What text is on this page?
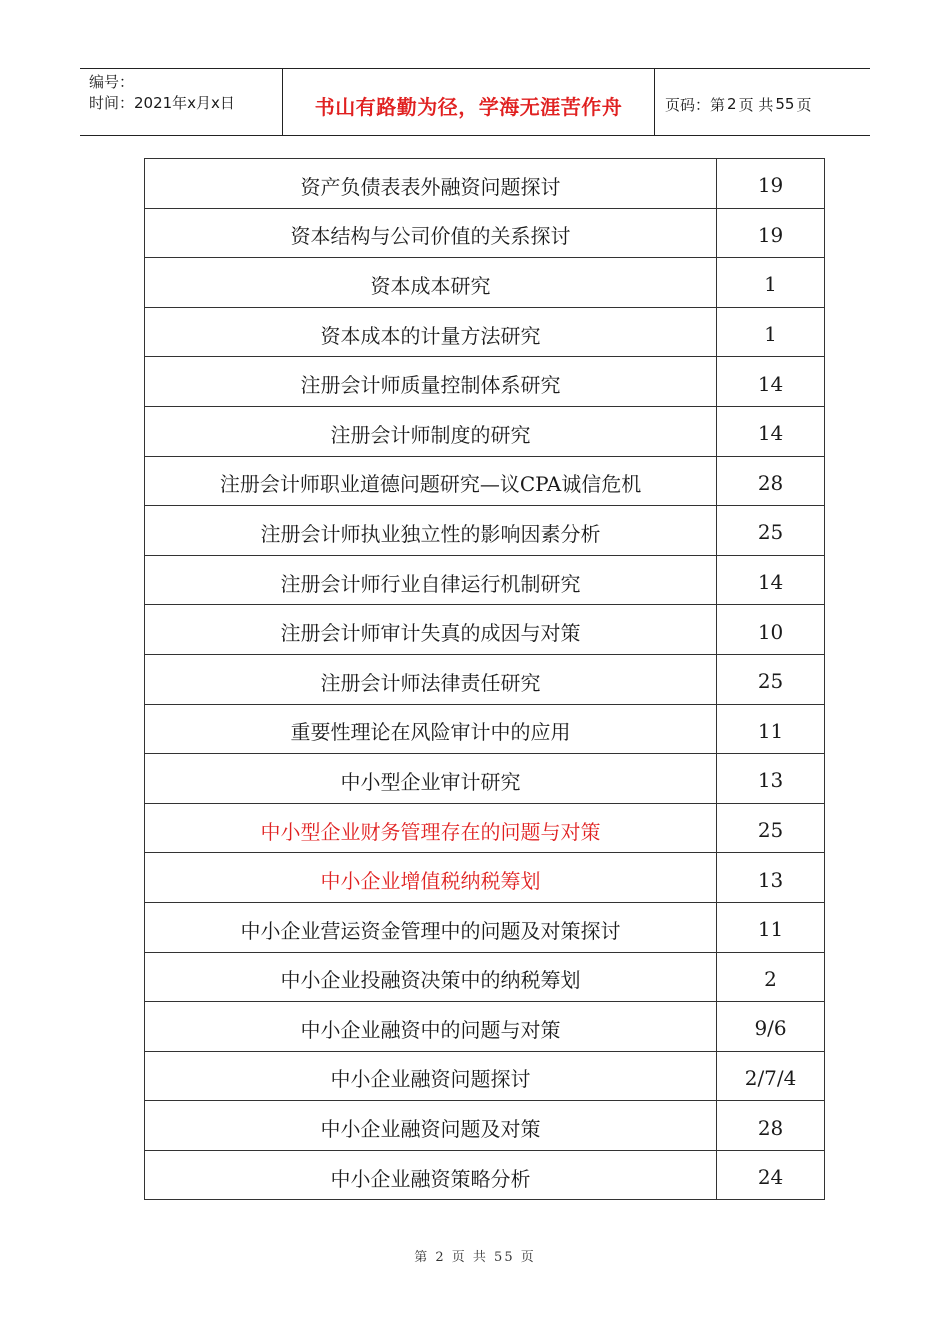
编号：
时间：2021年x月x日	书山有路勤为径，学海无涯苦作舟	页码：第 2 页 共 55 页
资产负债表表外融资问题探讨	19
资本结构与公司价值的关系探讨	19
资本成本研究	1
资本成本的计量方法研究	1
注册会计师质量控制体系研究	14
注册会计师制度的研究	14
注册会计师职业道德问题研究—议CPA诚信危机	28
注册会计师执业独立性的影响因素分析	25
注册会计师行业自律运行机制研究	14
注册会计师审计失真的成因与对策	10
注册会计师法律责任研究	25
重要性理论在风险审计中的应用	11
中小型企业审计研究	13
中小型企业财务管理存在的问题与对策	25
中小企业增值税纳税筹划	13
中小企业营运资金管理中的问题及对策探讨	11
中小企业投融资决策中的纳税筹划	2
中小企业融资中的问题与对策	9/6
中小企业融资问题探讨	2/7/4
中小企业融资问题及对策	28
中小企业融资策略分析	24
第 2 页 共 55 页
